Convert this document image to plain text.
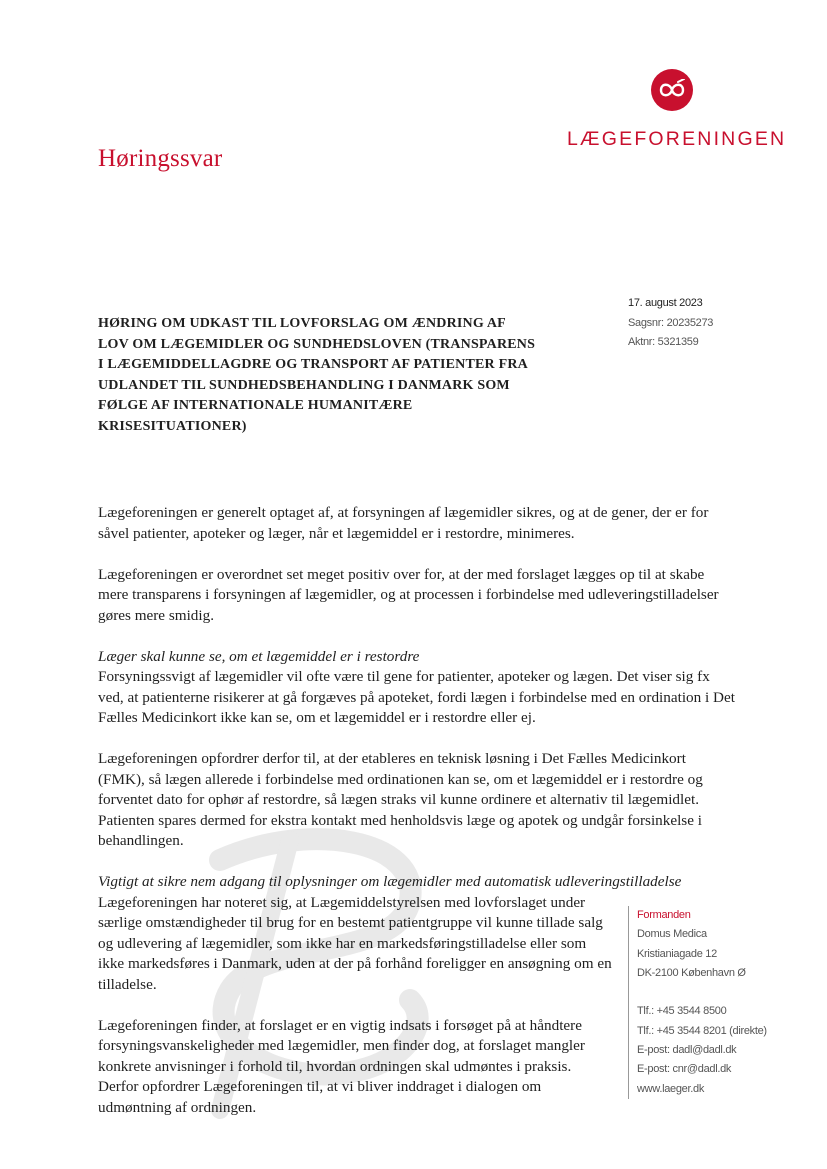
LÆGEFORENINGEN
Høringssvar
17. august 2023
Sagsnr: 20235273
Aktnr: 5321359
HØRING OM UDKAST TIL LOVFORSLAG OM ÆNDRING AF LOV OM LÆGEMIDLER OG SUNDHEDSLOVEN (TRANSPARENS I LÆGEMIDDELLAGDRE OG TRANSPORT AF PATIENTER FRA UDLANDET TIL SUNDHEDSBEHANDLING I DANMARK SOM FØLGE AF INTERNATIONALE HUMANITÆRE KRISESITUATIONER)

Lægeforeningen er generelt optaget af, at forsyningen af lægemidler sikres, og at de gener, der er for såvel patienter, apoteker og læger, når et lægemiddel er i restordre, minimeres.

Lægeforeningen er overordnet set meget positiv over for, at der med forslaget lægges op til at skabe mere transparens i forsyningen af lægemidler, og at processen i forbindelse med udleveringstilladelser gøres mere smidig.

Læger skal kunne se, om et lægemiddel er i restordre

Forsyningssvigt af lægemidler vil ofte være til gene for patienter, apoteker og lægen. Det viser sig fx ved, at patienterne risikerer at gå forgæves på apoteket, fordi lægen i forbindelse med en ordination i Det Fælles Medicinkort ikke kan se, om et lægemiddel er i restordre eller ej.

Lægeforeningen opfordrer derfor til, at der etableres en teknisk løsning i Det Fælles Medicinkort (FMK), så lægen allerede i forbindelse med ordinationen kan se, om et lægemiddel er i restordre og forventet dato for ophør af restordre, så lægen straks vil kunne ordinere et alternativ til lægemidlet. Patienten spares dermed for ekstra kontakt med henholdsvis læge og apotek og undgår forsinkelse i behandlingen.

Vigtigt at sikre nem adgang til oplysninger om lægemidler med automatisk udleveringstilladelse

Lægeforeningen har noteret sig, at Lægemiddelstyrelsen med lovforslaget under særlige omstændigheder til brug for en bestemt patientgruppe vil kunne tillade salg og udlevering af lægemidler, som ikke har en markedsføringstilladelse eller som ikke markedsføres i Danmark, uden at der på forhånd foreligger en ansøgning om en tilladelse.

Lægeforeningen finder, at forslaget er en vigtig indsats i forsøget på at håndtere forsyningsvanskeligheder med lægemidler, men finder dog, at forslaget mangler konkrete anvisninger i forhold til, hvordan ordningen skal udmøntes i praksis. Derfor opfordrer Lægeforeningen til, at vi bliver inddraget i dialogen om udmøntning af ordningen.

Formanden
Domus Medica
Kristianiagade 12
DK-2100 København Ø
Tlf.: +45 3544 8500
Tlf.: +45 3544 8201 (direkte)
E-post: dadl@dadl.dk
E-post: cnr@dadl.dk
www.laeger.dk
